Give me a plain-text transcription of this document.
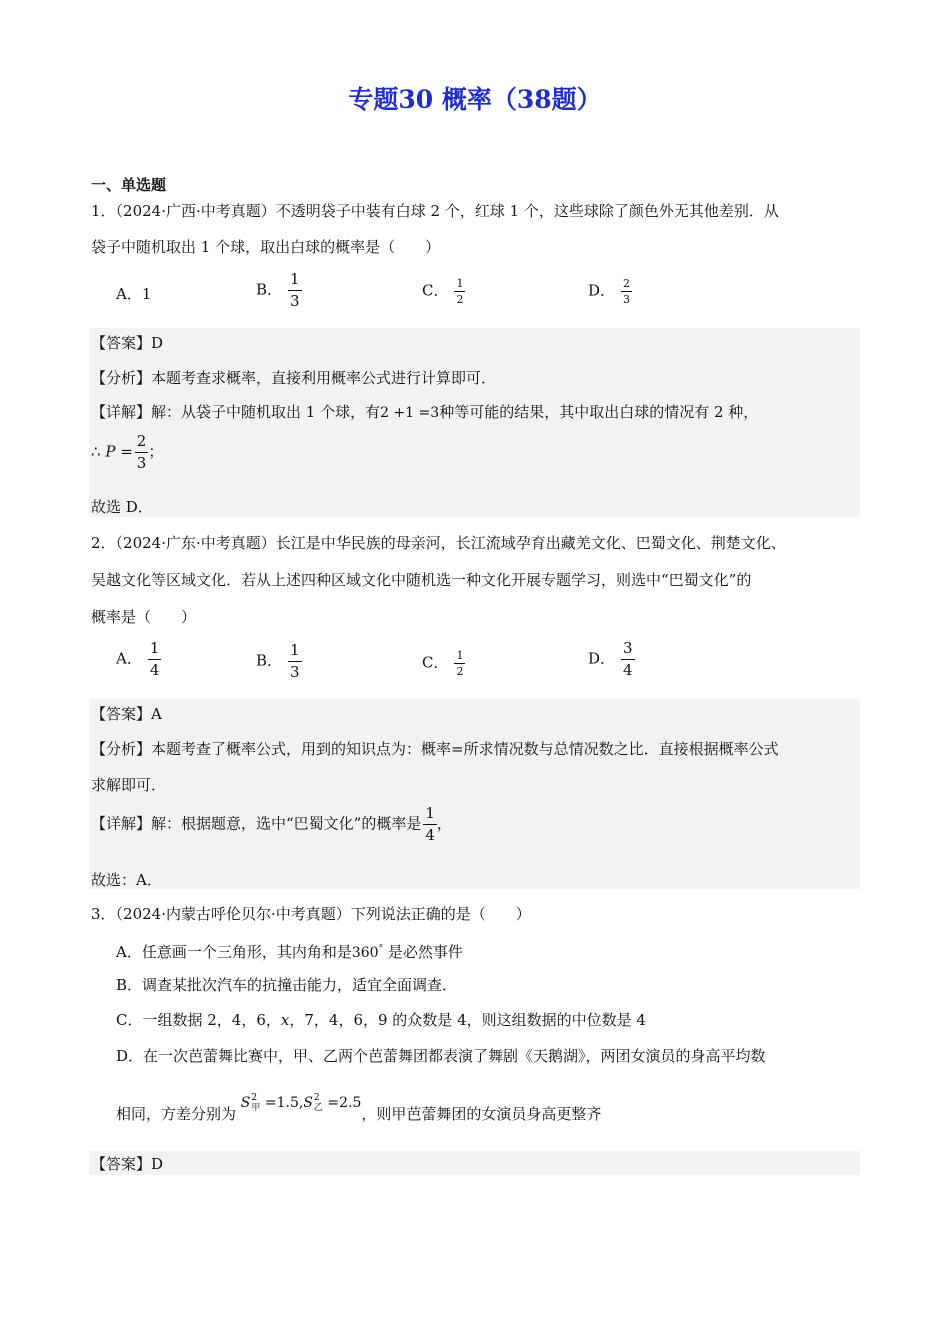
专题30 概率（38题）
一、单选题
1．（2024·广西·中考真题）不透明袋子中装有白球 2 个，红球 1 个，这些球除了颜色外无其他差别．从
袋子中随机取出 1 个球，取出白球的概率是（　　）
A．1	B． $\frac{1}{3}$	C． $\frac{1}{2}$	D． $\frac{2}{3}$
【答案】D
【分析】本题考查求概率，直接利用概率公式进行计算即可．
【详解】解：从袋子中随机取出 1 个球，有2 +1 =3种等可能的结果，其中取出白球的情况有 2 种，
∴ $P = \frac{2}{3}$ ；
故选 D．
2．（2024·广东·中考真题）长江是中华民族的母亲河，长江流域孕育出藏羌文化、巴蜀文化、荆楚文化、
吴越文化等区域文化．若从上述四种区域文化中随机选一种文化开展专题学习，则选中“巴蜀文化”的
概率是（　　）
A． $\frac{1}{4}$	B． $\frac{1}{3}$	C． $\frac{1}{2}$	D． $\frac{3}{4}$
【答案】A
【分析】本题考查了概率公式，用到的知识点为：概率=所求情况数与总情况数之比．直接根据概率公式
求解即可．
【详解】解：根据题意，选中“巴蜀文化”的概率是 $\frac{1}{4}$ ，
故选：A．
3．（2024·内蒙古呼伦贝尔·中考真题）下列说法正确的是（　　）
A．任意画一个三角形，其内角和是360° 是必然事件
B．调查某批次汽车的抗撞击能力，适宜全面调查．
C．一组数据 2，4，6，x，7，4，6，9 的众数是 4，则这组数据的中位数是 4
D．在一次芭蕾舞比赛中，甲、乙两个芭蕾舞团都表演了舞剧《天鹅湖》，两团女演员的身高平均数
相同，方差分别为 S 2
甲 =1.5,S 2
乙 =2.5，则甲芭蕾舞团的女演员身高更整齐
【答案】D
